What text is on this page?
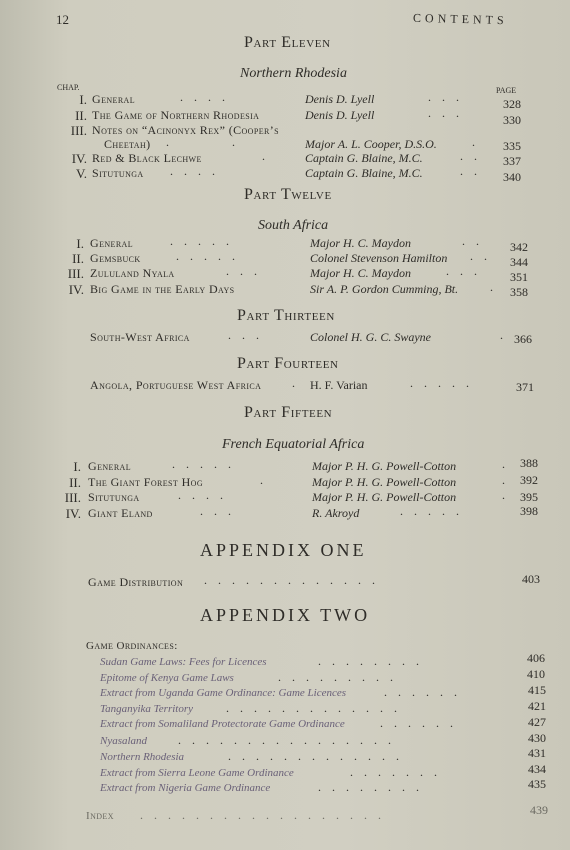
12	CONTENTS
Part Eleven
Northern Rhodesia
CHAP.	PAGE
I. General	....	Denis D. Lyell	...	328
II. The Game of Northern Rhodesia	Denis D. Lyell	...	330
III. Notes on “Acinonyx Rex” (Cooper’s
Cheetah) .	.	Major A. L. Cooper, D.S.O.	. 335
IV. Red & Black Lechwe	. Captain G. Blaine, M.C.	.. 337
V. Situtunga ....	Captain G. Blaine, M.C.	.. 340
Part Twelve
South Africa
I. General	.....	Major H. C. Maydon	.. 342
II. Gemsbuck	.....	Colonel Stevenson Hamilton .. 344
III. Zululand Nyala	...	Major H. C. Maydon	... 351
IV. Big Game in the Early Days	Sir A. P. Gordon Cumming, Bt.	. 358
Part Thirteen
South-West Africa	...	Colonel H. G. C. Swayne	. 366
Part Fourteen
Angola, Portuguese West Africa	. H. F. Varian	.....	371
Part Fifteen
French Equatorial Africa
I. General	.....	Major P. H. G. Powell-Cotton	. 388
II. The Giant Forest Hog	.	Major P. H. G. Powell-Cotton	. 392
III. Situtunga	....	Major P. H. G. Powell-Cotton	. 395
IV. Giant Eland	...	R. Akroyd	.....	398
APPENDIX ONE
Game Distribution .............	403
APPENDIX TWO
Game Ordinances:
Sudan Game Laws: Fees for Licences	........	406
Epitome of Kenya Game Laws	.........	410
Extract from Uganda Game Ordinance: Game Licences	......	415
Tanganyika Territory	.............	421
Extract from Somaliland Protectorate Game Ordinance	......	427
Nyasaland	................	430
Northern Rhodesia	.............	431
Extract from Sierra Leone Game Ordinance	.......	434
Extract from Nigeria Game Ordinance	........	435
Index ..................	439
